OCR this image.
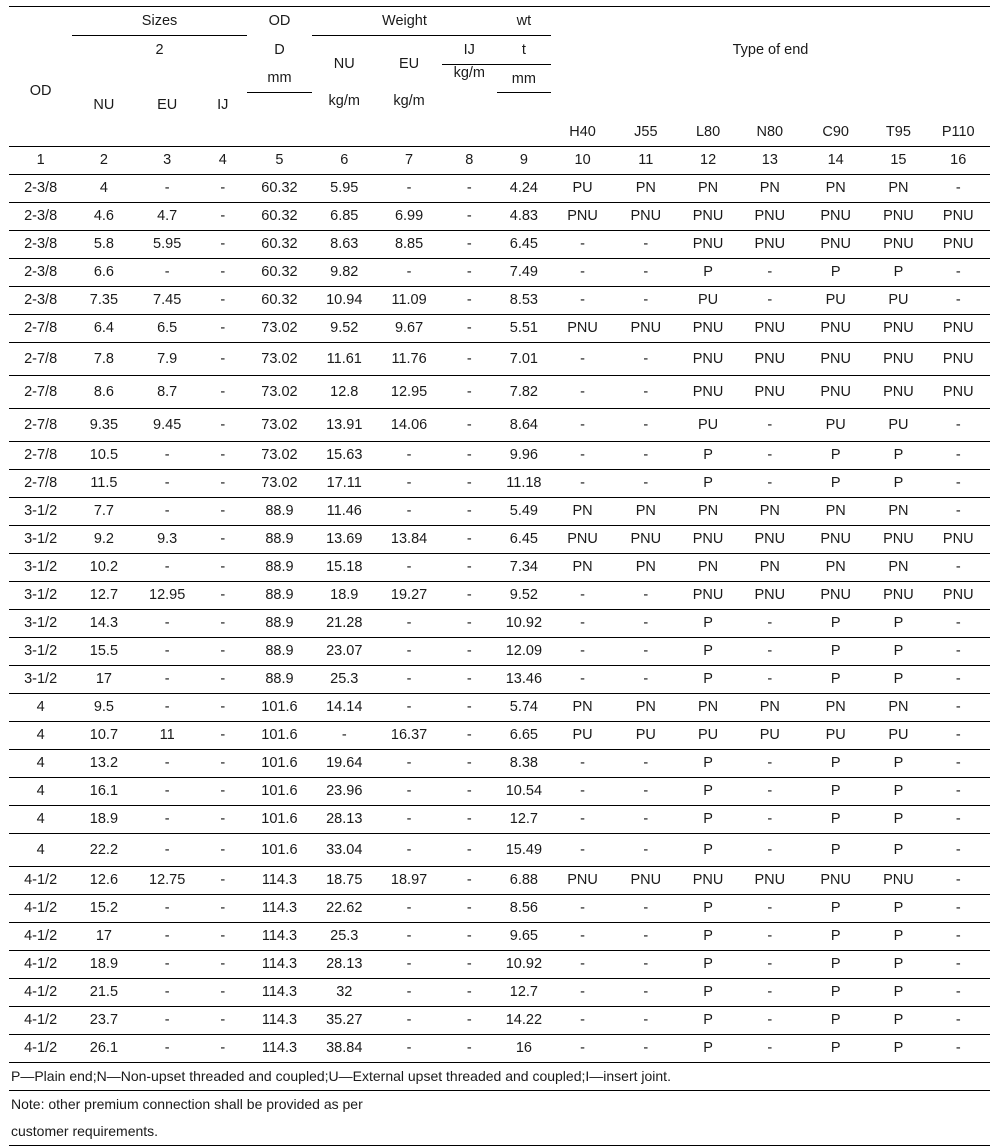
	Sizes			OD	Weight			wt	Type of end						
OD	2			D	NU	EU	IJ	t							
	NU	EU	IJ	mm			kg/m	mm							
					kg/m	kg/m									
									H40	J55	L80	N80	C90	T95	P110
1	2	3	4	5	6	7	8	9	10	11	12	13	14	15	16
2-3/8	4	-	-	60.32	5.95	-	-	4.24	PU	PN	PN	PN	PN	PN	-
2-3/8	4.6	4.7	-	60.32	6.85	6.99	-	4.83	PNU	PNU	PNU	PNU	PNU	PNU	PNU
2-3/8	5.8	5.95	-	60.32	8.63	8.85	-	6.45	-	-	PNU	PNU	PNU	PNU	PNU
2-3/8	6.6	-	-	60.32	9.82	-	-	7.49	-	-	P	-	P	P	-
2-3/8	7.35	7.45	-	60.32	10.94	11.09	-	8.53	-	-	PU	-	PU	PU	-
2-7/8	6.4	6.5	-	73.02	9.52	9.67	-	5.51	PNU	PNU	PNU	PNU	PNU	PNU	PNU
2-7/8	7.8	7.9	-	73.02	11.61	11.76	-	7.01	-	-	PNU	PNU	PNU	PNU	PNU
2-7/8	8.6	8.7	-	73.02	12.8	12.95	-	7.82	-	-	PNU	PNU	PNU	PNU	PNU
2-7/8	9.35	9.45	-	73.02	13.91	14.06	-	8.64	-	-	PU	-	PU	PU	-
2-7/8	10.5	-	-	73.02	15.63	-	-	9.96	-	-	P	-	P	P	-
2-7/8	11.5	-	-	73.02	17.11	-	-	11.18	-	-	P	-	P	P	-
3-1/2	7.7	-	-	88.9	11.46	-	-	5.49	PN	PN	PN	PN	PN	PN	-
3-1/2	9.2	9.3	-	88.9	13.69	13.84	-	6.45	PNU	PNU	PNU	PNU	PNU	PNU	PNU
3-1/2	10.2	-	-	88.9	15.18	-	-	7.34	PN	PN	PN	PN	PN	PN	-
3-1/2	12.7	12.95	-	88.9	18.9	19.27	-	9.52	-	-	PNU	PNU	PNU	PNU	PNU
3-1/2	14.3	-	-	88.9	21.28	-	-	10.92	-	-	P	-	P	P	-
3-1/2	15.5	-	-	88.9	23.07	-	-	12.09	-	-	P	-	P	P	-
3-1/2	17	-	-	88.9	25.3	-	-	13.46	-	-	P	-	P	P	-
4	9.5	-	-	101.6	14.14	-	-	5.74	PN	PN	PN	PN	PN	PN	-
4	10.7	11	-	101.6	-	16.37	-	6.65	PU	PU	PU	PU	PU	PU	-
4	13.2	-	-	101.6	19.64	-	-	8.38	-	-	P	-	P	P	-
4	16.1	-	-	101.6	23.96	-	-	10.54	-	-	P	-	P	P	-
4	18.9	-	-	101.6	28.13	-	-	12.7	-	-	P	-	P	P	-
4	22.2	-	-	101.6	33.04	-	-	15.49	-	-	P	-	P	P	-
4-1/2	12.6	12.75	-	114.3	18.75	18.97	-	6.88	PNU	PNU	PNU	PNU	PNU	PNU	-
4-1/2	15.2	-	-	114.3	22.62	-	-	8.56	-	-	P	-	P	P	-
4-1/2	17	-	-	114.3	25.3	-	-	9.65	-	-	P	-	P	P	-
4-1/2	18.9	-	-	114.3	28.13	-	-	10.92	-	-	P	-	P	P	-
4-1/2	21.5	-	-	114.3	32	-	-	12.7	-	-	P	-	P	P	-
4-1/2	23.7	-	-	114.3	35.27	-	-	14.22	-	-	P	-	P	P	-
4-1/2	26.1	-	-	114.3	38.84	-	-	16	-	-	P	-	P	P	-
P—Plain end;N—Non-upset threaded and coupled;U—External upset threaded and coupled;I—insert joint.															
Note: other premium connection shall be provided as per															
customer requirements.															
